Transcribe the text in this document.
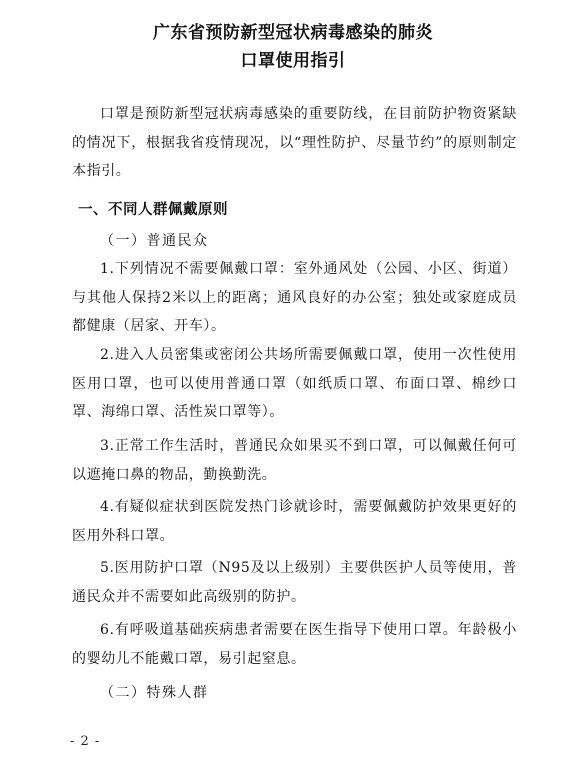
广东省预防新型冠状病毒感染的肺炎
口罩使用指引
口罩是预防新型冠状病毒感染的重要防线，在目前防护物资紧缺的情况下，根据我省疫情现况，以“理性防护、尽量节约”的原则制定本指引。
一、不同人群佩戴原则
（一）普通民众
1.下列情况不需要佩戴口罩：室外通风处（公园、小区、街道）与其他人保持2米以上的距离；通风良好的办公室；独处或家庭成员都健康（居家、开车）。
2.进入人员密集或密闭公共场所需要佩戴口罩，使用一次性使用医用口罩，也可以使用普通口罩（如纸质口罩、布面口罩、棉纱口罩、海绵口罩、活性炭口罩等）。
3.正常工作生活时，普通民众如果买不到口罩，可以佩戴任何可以遮掩口鼻的物品，勤换勤洗。
4.有疑似症状到医院发热门诊就诊时，需要佩戴防护效果更好的医用外科口罩。
5.医用防护口罩（N95及以上级别）主要供医护人员等使用，普通民众并不需要如此高级别的防护。
6.有呼吸道基础疾病患者需要在医生指导下使用口罩。年龄极小的婴幼儿不能戴口罩，易引起窒息。
（二）特殊人群
- 2 -
